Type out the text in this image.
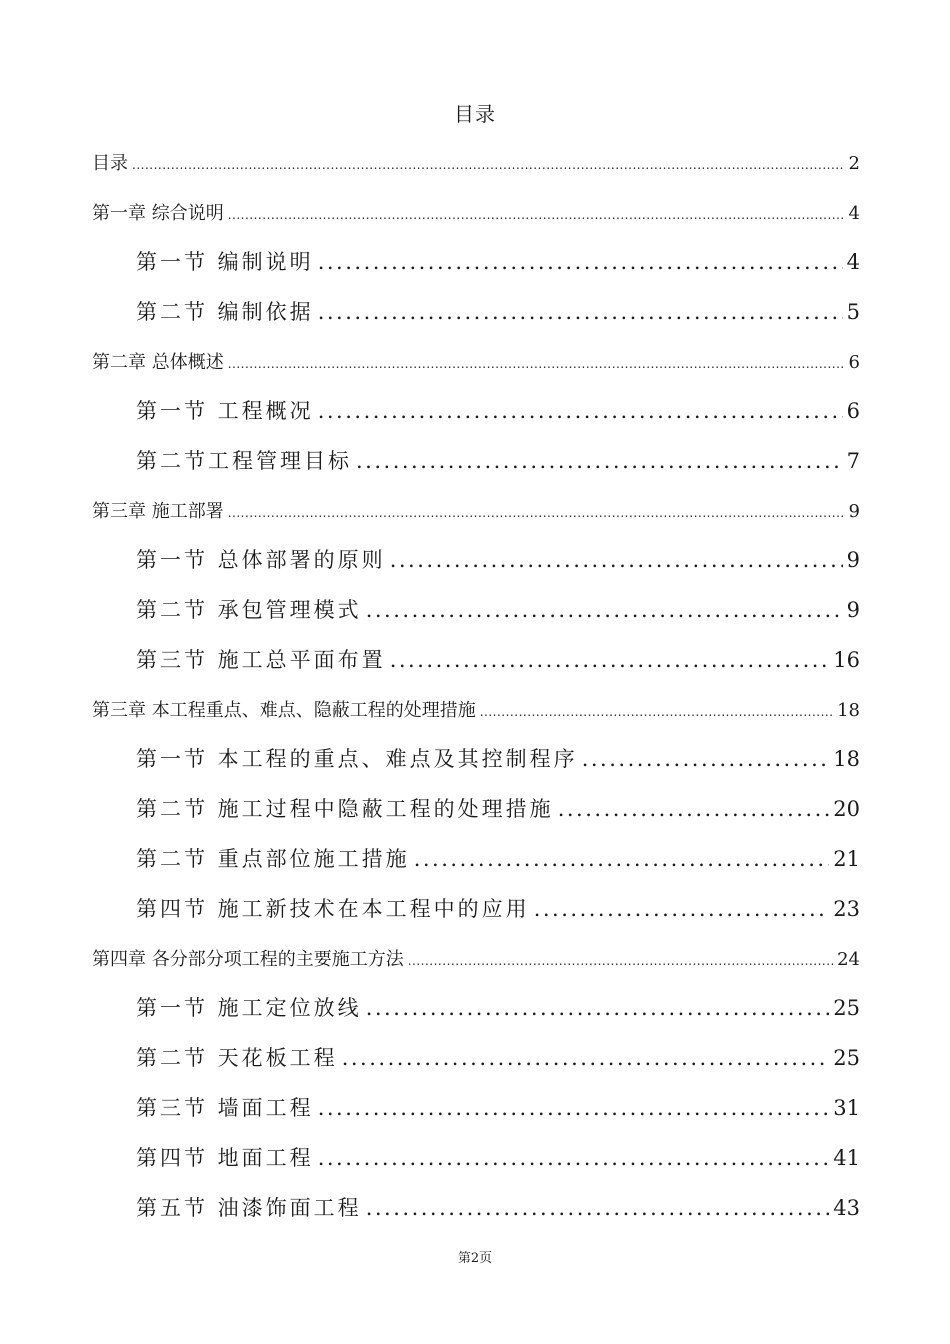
目录
目录 .....	2
第一章 综合说明 .....	4
第一节 编制说明 .....	4
第二节 编制依据 .....	5
第二章 总体概述 .....	6
第一节 工程概况 .....	6
第二节工程管理目标 .....	7
第三章 施工部署 .....	9
第一节 总体部署的原则 .....	9
第二节 承包管理模式 .....	9
第三节 施工总平面布置 .....	16
第三章 本工程重点、难点、隐蔽工程的处理措施 .....	18
第一节 本工程的重点、难点及其控制程序 .....	18
第二节 施工过程中隐蔽工程的处理措施 .....	20
第二节 重点部位施工措施 .....	21
第四节 施工新技术在本工程中的应用 .....	23
第四章 各分部分项工程的主要施工方法 .....	24
第一节 施工定位放线 .....	25
第二节 天花板工程 .....	25
第三节 墙面工程 .....	31
第四节 地面工程 .....	41
第五节 油漆饰面工程 .....	43
第2页
